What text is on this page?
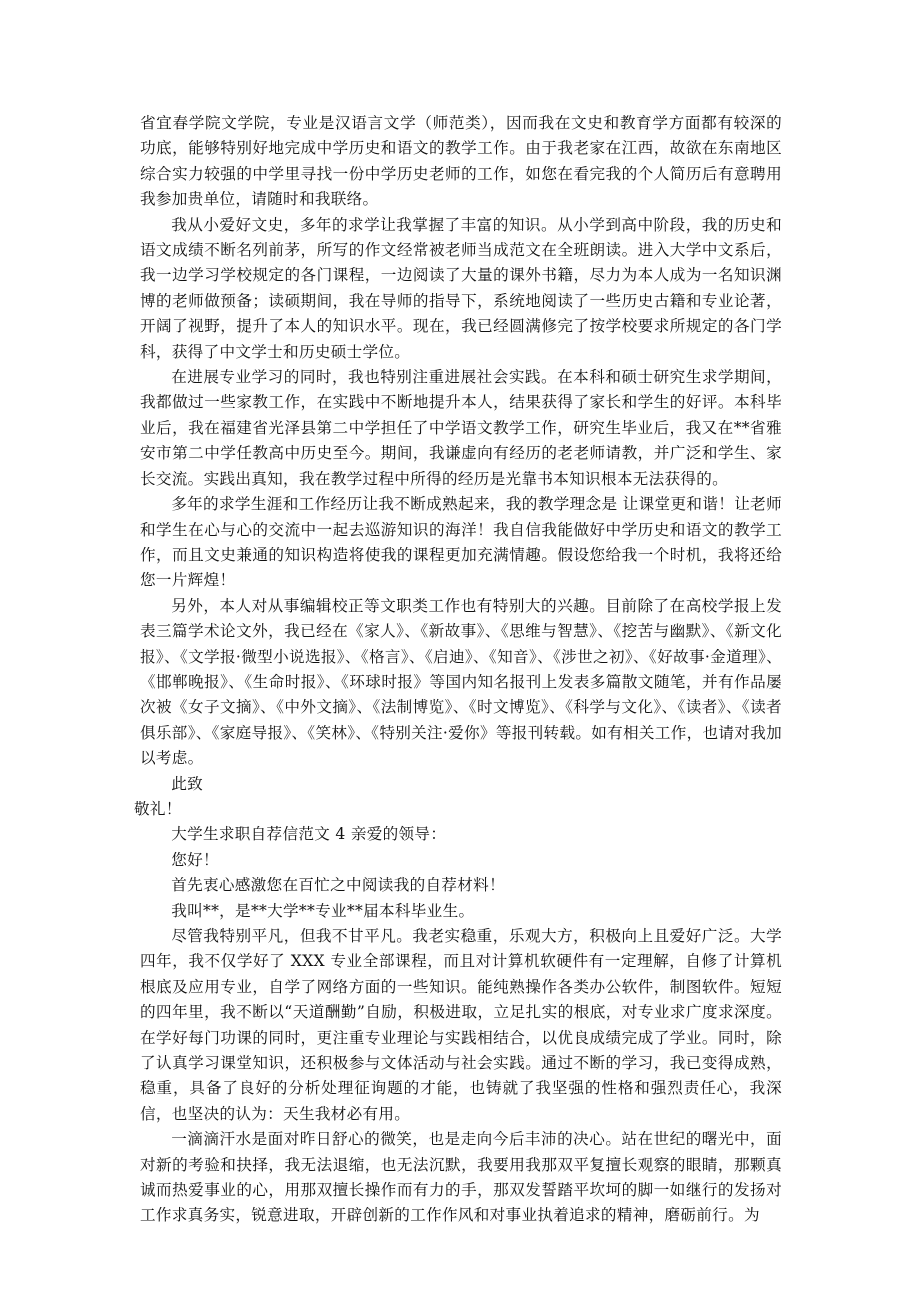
省宜春学院文学院，专业是汉语言文学（师范类），因而我在文史和教育学方面都有较深的功底，能够特别好地完成中学历史和语文的教学工作。由于我老家在江西，故欲在东南地区综合实力较强的中学里寻找一份中学历史老师的工作，如您在看完我的个人简历后有意聘用我参加贵单位，请随时和我联络。

我从小爱好文史，多年的求学让我掌握了丰富的知识。从小学到高中阶段，我的历史和语文成绩不断名列前茅，所写的作文经常被老师当成范文在全班朗读。进入大学中文系后，我一边学习学校规定的各门课程，一边阅读了大量的课外书籍，尽力为本人成为一名知识渊博的老师做预备；读硕期间，我在导师的指导下，系统地阅读了一些历史古籍和专业论著，开阔了视野，提升了本人的知识水平。现在，我已经圆满修完了按学校要求所规定的各门学科，获得了中文学士和历史硕士学位。

在进展专业学习的同时，我也特别注重进展社会实践。在本科和硕士研究生求学期间，我都做过一些家教工作，在实践中不断地提升本人，结果获得了家长和学生的好评。本科毕业后，我在福建省光泽县第二中学担任了中学语文教学工作，研究生毕业后，我又在**省雅安市第二中学任教高中历史至今。期间，我谦虚向有经历的老老师请教，并广泛和学生、家长交流。实践出真知，我在教学过程中所得的经历是光靠书本知识根本无法获得的。

多年的求学生涯和工作经历让我不断成熟起来，我的教学理念是 让课堂更和谐！让老师和学生在心与心的交流中一起去巡游知识的海洋！我自信我能做好中学历史和语文的教学工作，而且文史兼通的知识构造将使我的课程更加充满情趣。假设您给我一个时机，我将还给您一片辉煌！

另外，本人对从事编辑校正等文职类工作也有特别大的兴趣。目前除了在高校学报上发表三篇学术论文外，我已经在《家人》、《新故事》、《思维与智慧》、《挖苦与幽默》、《新文化报》、《文学报·微型小说选报》、《格言》、《启迪》、《知音》、《涉世之初》、《好故事·金道理》、《邯郸晚报》、《生命时报》、《环球时报》等国内知名报刊上发表多篇散文随笔，并有作品屡次被《女子文摘》、《中外文摘》、《法制博览》、《时文博览》、《科学与文化》、《读者》、《读者俱乐部》、《家庭导报》、《笑林》、《特别关注·爱你》等报刊转载。如有相关工作，也请对我加以考虑。

此致

敬礼！

大学生求职自荐信范文 4 亲爱的领导：

您好！

首先衷心感激您在百忙之中阅读我的自荐材料！

我叫**，是**大学**专业**届本科毕业生。

尽管我特别平凡，但我不甘平凡。我老实稳重，乐观大方，积极向上且爱好广泛。大学四年，我不仅学好了 XXX 专业全部课程，而且对计算机软硬件有一定理解，自修了计算机根底及应用专业，自学了网络方面的一些知识。能纯熟操作各类办公软件，制图软件。短短的四年里，我不断以“天道酬勤”自励，积极进取，立足扎实的根底，对专业求广度求深度。在学好每门功课的同时，更注重专业理论与实践相结合，以优良成绩完成了学业。同时，除了认真学习课堂知识，还积极参与文体活动与社会实践。通过不断的学习，我已变得成熟，稳重，具备了良好的分析处理征询题的才能，也铸就了我坚强的性格和强烈责任心，我深信，也坚决的认为：天生我材必有用。

一滴滴汗水是面对昨日舒心的微笑，也是走向今后丰沛的决心。站在世纪的曙光中，面对新的考验和抉择，我无法退缩，也无法沉默，我要用我那双平复擅长观察的眼睛，那颗真诚而热爱事业的心，用那双擅长操作而有力的手，那双发誓踏平坎坷的脚一如继行的发扬对工作求真务实，锐意进取，开辟创新的工作作风和对事业执着追求的精神，磨砺前行。为
